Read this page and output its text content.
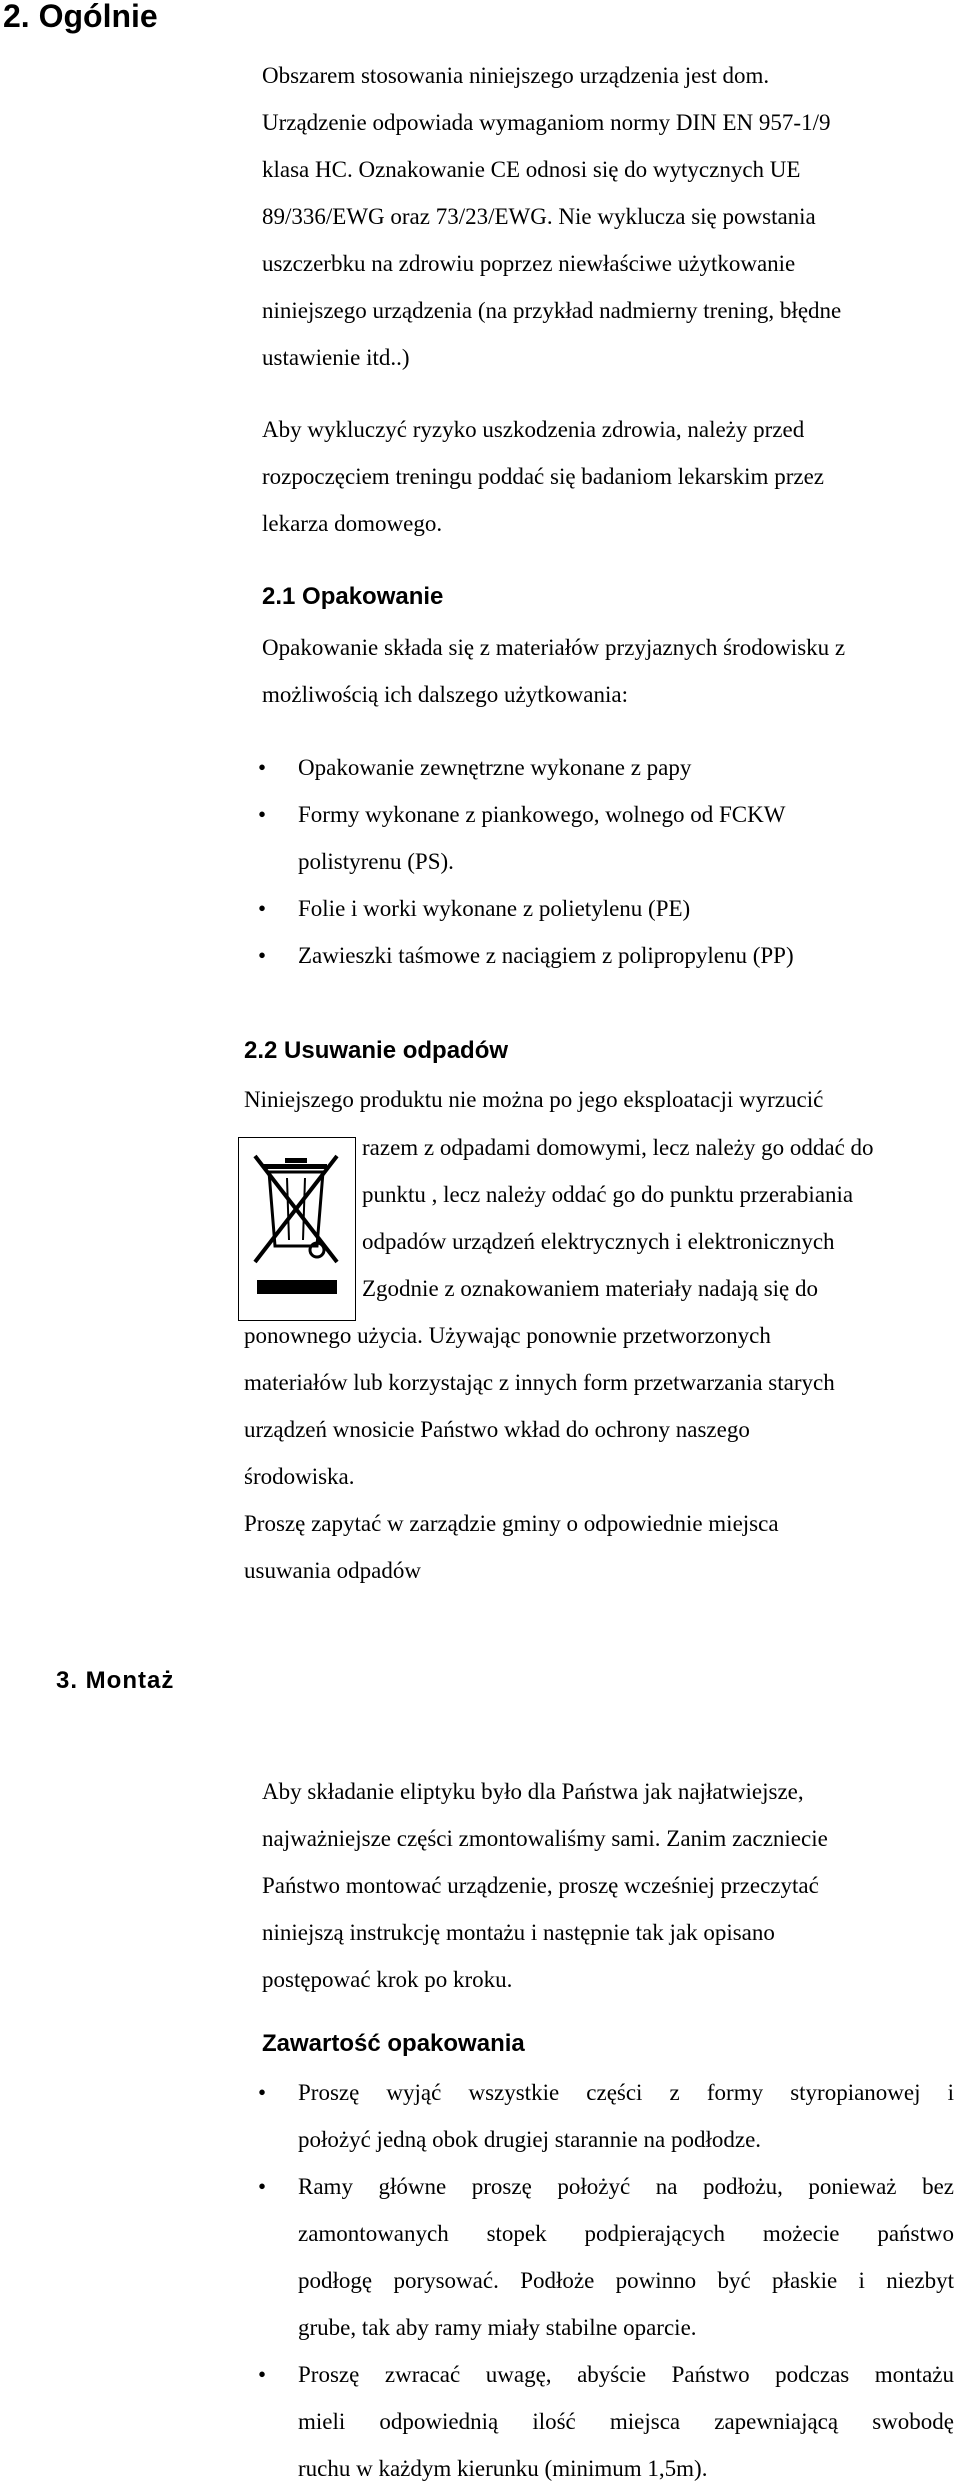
2. Ogólnie
Obszarem stosowania niniejszego urządzenia jest dom.
Urządzenie odpowiada wymaganiom normy DIN EN 957-1/9
klasa HC. Oznakowanie CE odnosi się do wytycznych UE
89/336/EWG oraz 73/23/EWG. Nie wyklucza się powstania
uszczerbku na zdrowiu poprzez niewłaściwe użytkowanie
niniejszego urządzenia (na przykład nadmierny trening, błędne
ustawienie itd..)
Aby wykluczyć ryzyko uszkodzenia zdrowia, należy przed
rozpoczęciem treningu poddać się badaniom lekarskim przez
lekarza domowego.
2.1 Opakowanie
Opakowanie składa się z materiałów przyjaznych środowisku z
możliwością ich dalszego użytkowania:
• Opakowanie zewnętrzne wykonane z papy
• Formy wykonane z piankowego, wolnego od FCKW
polistyrenu (PS).
• Folie i worki wykonane z polietylenu (PE)
• Zawieszki taśmowe z naciągiem z polipropylenu (PP)
2.2 Usuwanie odpadów
Niniejszego produktu nie można po jego eksploatacji wyrzucić
razem z odpadami domowymi, lecz należy go oddać do
punktu , lecz należy oddać go do punktu przerabiania
odpadów urządzeń elektrycznych i elektronicznych
Zgodnie z oznakowaniem materiały nadają się do
ponownego użycia. Używając ponownie przetworzonych
materiałów lub korzystając z innych form przetwarzania starych
urządzeń wnosicie Państwo wkład do ochrony naszego
środowiska.
Proszę zapytać w zarządzie gminy o odpowiednie miejsca
usuwania odpadów
3. Montaż
Aby składanie eliptyku było dla Państwa jak najłatwiejsze,
najważniejsze części zmontowaliśmy sami. Zanim zaczniecie
Państwo montować urządzenie, proszę wcześniej przeczytać
niniejszą instrukcję montażu i następnie tak jak opisano
postępować krok po kroku.
Zawartość opakowania
• Proszę wyjąć wszystkie części z formy styropianowej i
położyć jedną obok drugiej starannie na podłodze.
• Ramy główne proszę położyć na podłożu, ponieważ bez
zamontowanych stopek podpierających możecie państwo
podłogę porysować. Podłoże powinno być płaskie i niezbyt
grube, tak aby ramy miały stabilne oparcie.
• Proszę zwracać uwagę, abyście Państwo podczas montażu
mieli odpowiednią ilość miejsca zapewniającą swobodę
ruchu w każdym kierunku (minimum 1,5m).
